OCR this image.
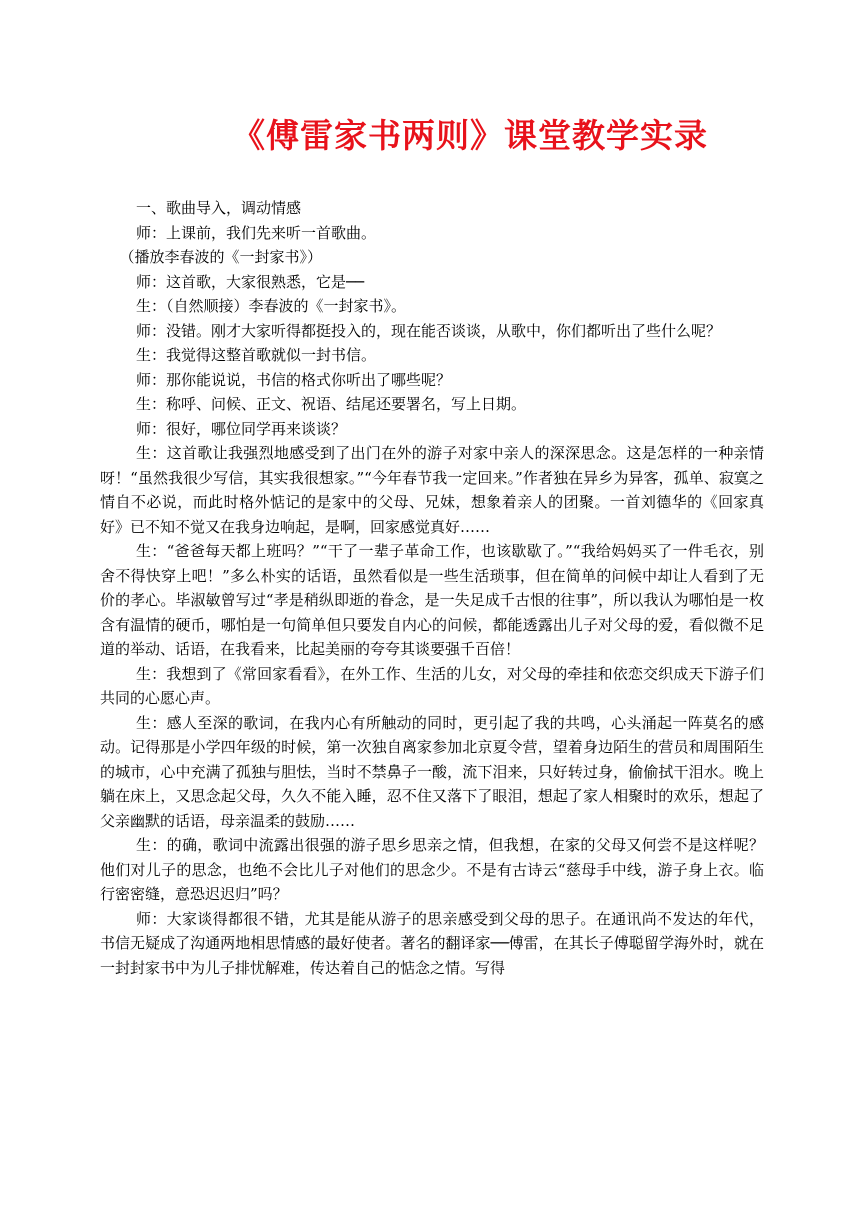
《傅雷家书两则》课堂教学实录

一、歌曲导入，调动情感

师：上课前，我们先来听一首歌曲。

（播放李春波的《一封家书》）

师：这首歌，大家很熟悉，它是──

生：（自然顺接）李春波的《一封家书》。

师：没错。刚才大家听得都挺投入的，现在能否谈谈，从歌中，你们都听出了些什么呢？

生：我觉得这整首歌就似一封书信。

师：那你能说说，书信的格式你听出了哪些呢？

生：称呼、问候、正文、祝语、结尾还要署名，写上日期。

师：很好，哪位同学再来谈谈？

生：这首歌让我强烈地感受到了出门在外的游子对家中亲人的深深思念。这是怎样的一种亲情呀！“虽然我很少写信，其实我很想家。”“今年春节我一定回来。”作者独在异乡为异客，孤单、寂寞之情自不必说，而此时格外惦记的是家中的父母、兄妹，想象着亲人的团聚。一首刘德华的《回家真好》已不知不觉又在我身边响起，是啊，回家感觉真好……

生：“爸爸每天都上班吗？”“干了一辈子革命工作，也该歇歇了。”“我给妈妈买了一件毛衣，别舍不得快穿上吧！”多么朴实的话语，虽然看似是一些生活琐事，但在简单的问候中却让人看到了无价的孝心。毕淑敏曾写过“孝是稍纵即逝的眷念，是一失足成千古恨的往事”，所以我认为哪怕是一枚含有温情的硬币，哪怕是一句简单但只要发自内心的问候，都能透露出儿子对父母的爱，看似微不足道的举动、话语，在我看来，比起美丽的夸夸其谈要强千百倍！

生：我想到了《常回家看看》，在外工作、生活的儿女，对父母的牵挂和依恋交织成天下游子们共同的心愿心声。

生：感人至深的歌词，在我内心有所触动的同时，更引起了我的共鸣，心头涌起一阵莫名的感动。记得那是小学四年级的时候，第一次独自离家参加北京夏令营，望着身边陌生的营员和周围陌生的城市，心中充满了孤独与胆怯，当时不禁鼻子一酸，流下泪来，只好转过身，偷偷拭干泪水。晚上躺在床上，又思念起父母，久久不能入睡，忍不住又落下了眼泪，想起了家人相聚时的欢乐，想起了父亲幽默的话语，母亲温柔的鼓励……

生：的确，歌词中流露出很强的游子思乡思亲之情，但我想，在家的父母又何尝不是这样呢？他们对儿子的思念，也绝不会比儿子对他们的思念少。不是有古诗云“慈母手中线，游子身上衣。临行密密缝，意恐迟迟归”吗？

师：大家谈得都很不错，尤其是能从游子的思亲感受到父母的思子。在通讯尚不发达的年代，书信无疑成了沟通两地相思情感的最好使者。著名的翻译家──傅雷，在其长子傅聪留学海外时，就在一封封家书中为儿子排忧解难，传达着自己的惦念之情。写得
